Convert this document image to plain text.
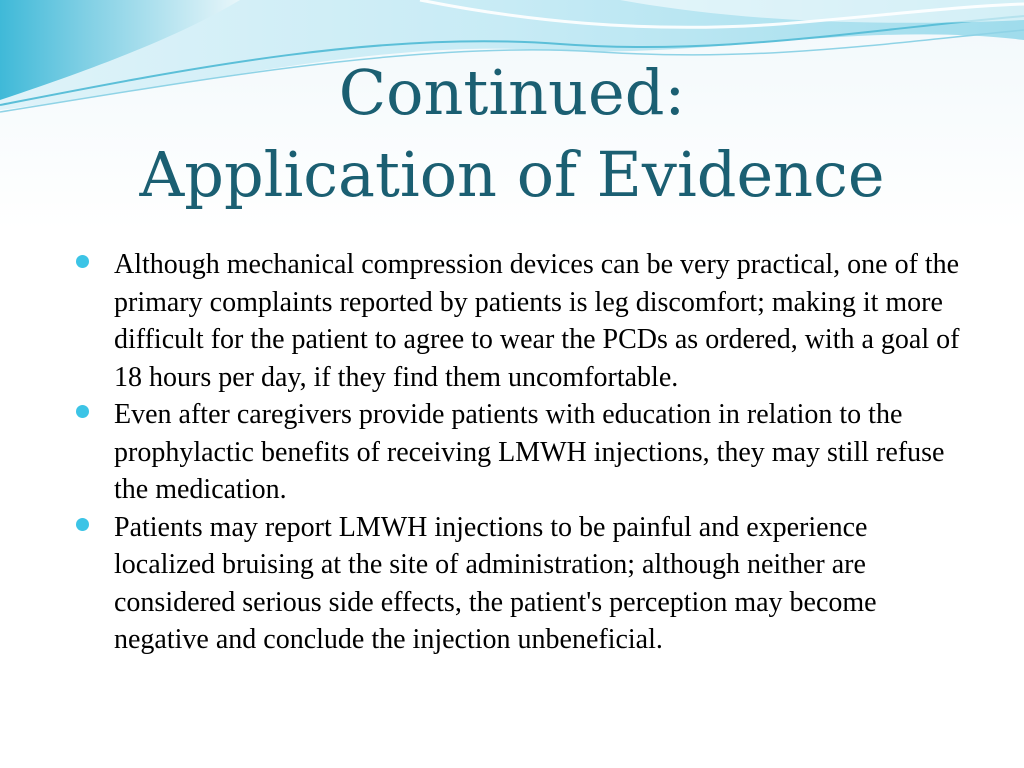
Continued:
Application of Evidence
Although mechanical compression devices can be very practical, one of the primary complaints reported by patients is leg discomfort; making it more difficult for the patient to agree to wear the PCDs as ordered, with a goal of 18 hours per day, if they find them uncomfortable.
Even after caregivers provide patients with education in relation to the prophylactic benefits of receiving LMWH injections, they may still refuse the medication.
Patients may report LMWH injections to be painful and experience localized bruising at the site of administration; although neither are considered serious side effects, the patient's perception may become negative and conclude the injection unbeneficial.
